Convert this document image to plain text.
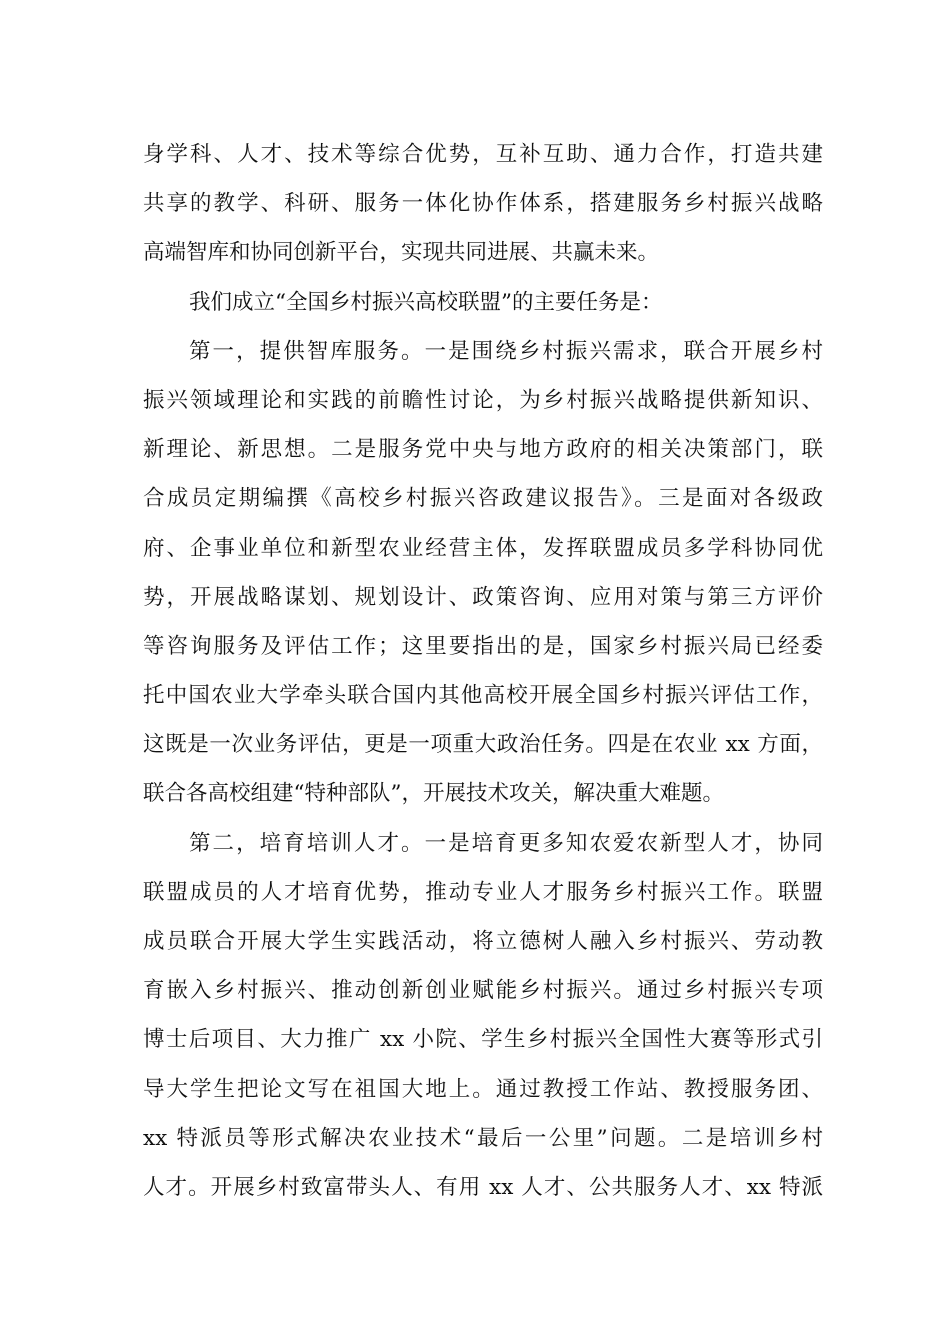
身学科、人才、技术等综合优势，互补互助、通力合作，打造共建
共享的教学、科研、服务一体化协作体系，搭建服务乡村振兴战略
高端智库和协同创新平台，实现共同进展、共赢未来。
我们成立“全国乡村振兴高校联盟”的主要任务是：
第一，提供智库服务。一是围绕乡村振兴需求，联合开展乡村
振兴领域理论和实践的前瞻性讨论，为乡村振兴战略提供新知识、
新理论、新思想。二是服务党中央与地方政府的相关决策部门，联
合成员定期编撰《高校乡村振兴咨政建议报告》。三是面对各级政
府、企事业单位和新型农业经营主体，发挥联盟成员多学科协同优
势，开展战略谋划、规划设计、政策咨询、应用对策与第三方评价
等咨询服务及评估工作；这里要指出的是，国家乡村振兴局已经委
托中国农业大学牵头联合国内其他高校开展全国乡村振兴评估工作，
这既是一次业务评估，更是一项重大政治任务。四是在农业 xx 方面，
联合各高校组建“特种部队”，开展技术攻关，解决重大难题。
第二，培育培训人才。一是培育更多知农爱农新型人才，协同
联盟成员的人才培育优势，推动专业人才服务乡村振兴工作。联盟
成员联合开展大学生实践活动，将立德树人融入乡村振兴、劳动教
育嵌入乡村振兴、推动创新创业赋能乡村振兴。通过乡村振兴专项
博士后项目、大力推广 xx 小院、学生乡村振兴全国性大赛等形式引
导大学生把论文写在祖国大地上。通过教授工作站、教授服务团、
xx 特派员等形式解决农业技术“最后一公里”问题。二是培训乡村
人才。开展乡村致富带头人、有用 xx 人才、公共服务人才、xx 特派
